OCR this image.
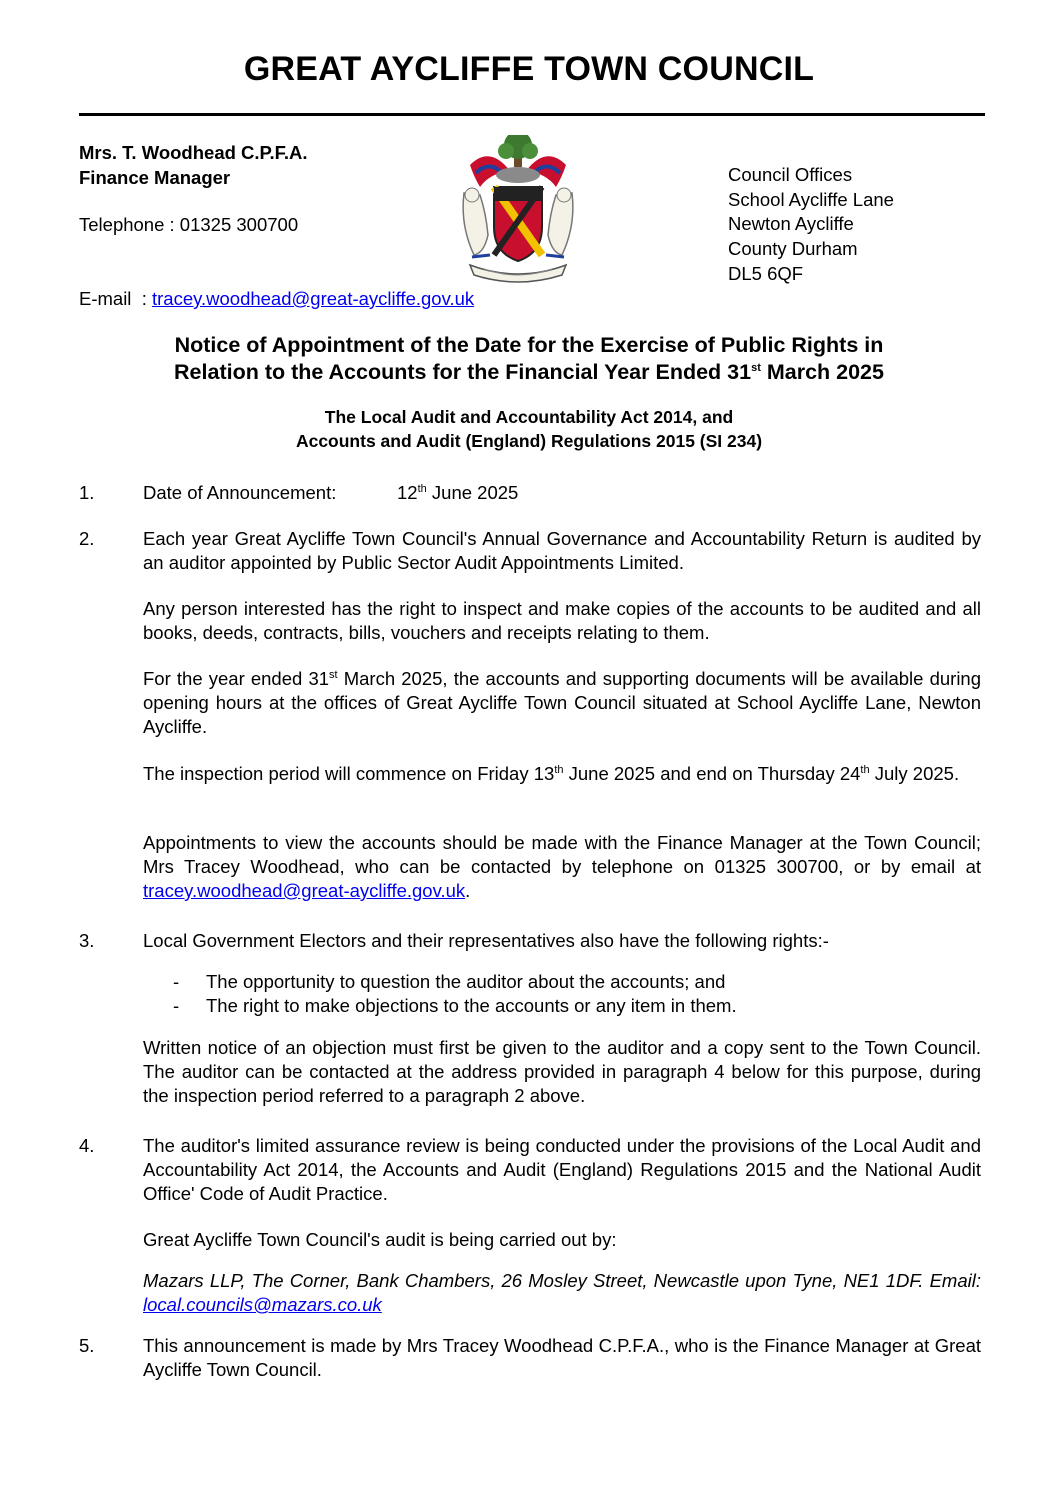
GREAT AYCLIFFE TOWN COUNCIL
Mrs. T. Woodhead C.P.F.A.
Finance Manager
Telephone : 01325 300700
E-mail  : tracey.woodhead@great-aycliffe.gov.uk
Council Offices
School Aycliffe Lane
Newton Aycliffe
County Durham
DL5 6QF
Notice of Appointment of the Date for the Exercise of Public Rights in
Relation to the Accounts for the Financial Year Ended 31st March 2025
The Local Audit and Accountability Act 2014, and
Accounts and Audit (England) Regulations 2015 (SI 234)
1.	Date of Announcement:	12th June 2025
2.	Each year Great Aycliffe Town Council's Annual Governance and Accountability Return is audited by an auditor appointed by Public Sector Audit Appointments Limited.
Any person interested has the right to inspect and make copies of the accounts to be audited and all books, deeds, contracts, bills, vouchers and receipts relating to them.
For the year ended 31st March 2025, the accounts and supporting documents will be available during opening hours at the offices of Great Aycliffe Town Council situated at School Aycliffe Lane, Newton Aycliffe.
The inspection period will commence on Friday 13th June 2025 and end on Thursday 24th July 2025.
Appointments to view the accounts should be made with the Finance Manager at the Town Council; Mrs Tracey Woodhead, who can be contacted by telephone on 01325 300700, or by email at tracey.woodhead@great-aycliffe.gov.uk.
3.	Local Government Electors and their representatives also have the following rights:-
- The opportunity to question the auditor about the accounts; and
- The right to make objections to the accounts or any item in them.
Written notice of an objection must first be given to the auditor and a copy sent to the Town Council. The auditor can be contacted at the address provided in paragraph 4 below for this purpose, during the inspection period referred to a paragraph 2 above.
4.	The auditor's limited assurance review is being conducted under the provisions of the Local Audit and Accountability Act 2014, the Accounts and Audit (England) Regulations 2015 and the National Audit Office' Code of Audit Practice.
Great Aycliffe Town Council's audit is being carried out by:
Mazars LLP, The Corner, Bank Chambers, 26 Mosley Street, Newcastle upon Tyne, NE1 1DF. Email: local.councils@mazars.co.uk
5.	This announcement is made by Mrs Tracey Woodhead C.P.F.A., who is the Finance Manager at Great Aycliffe Town Council.
